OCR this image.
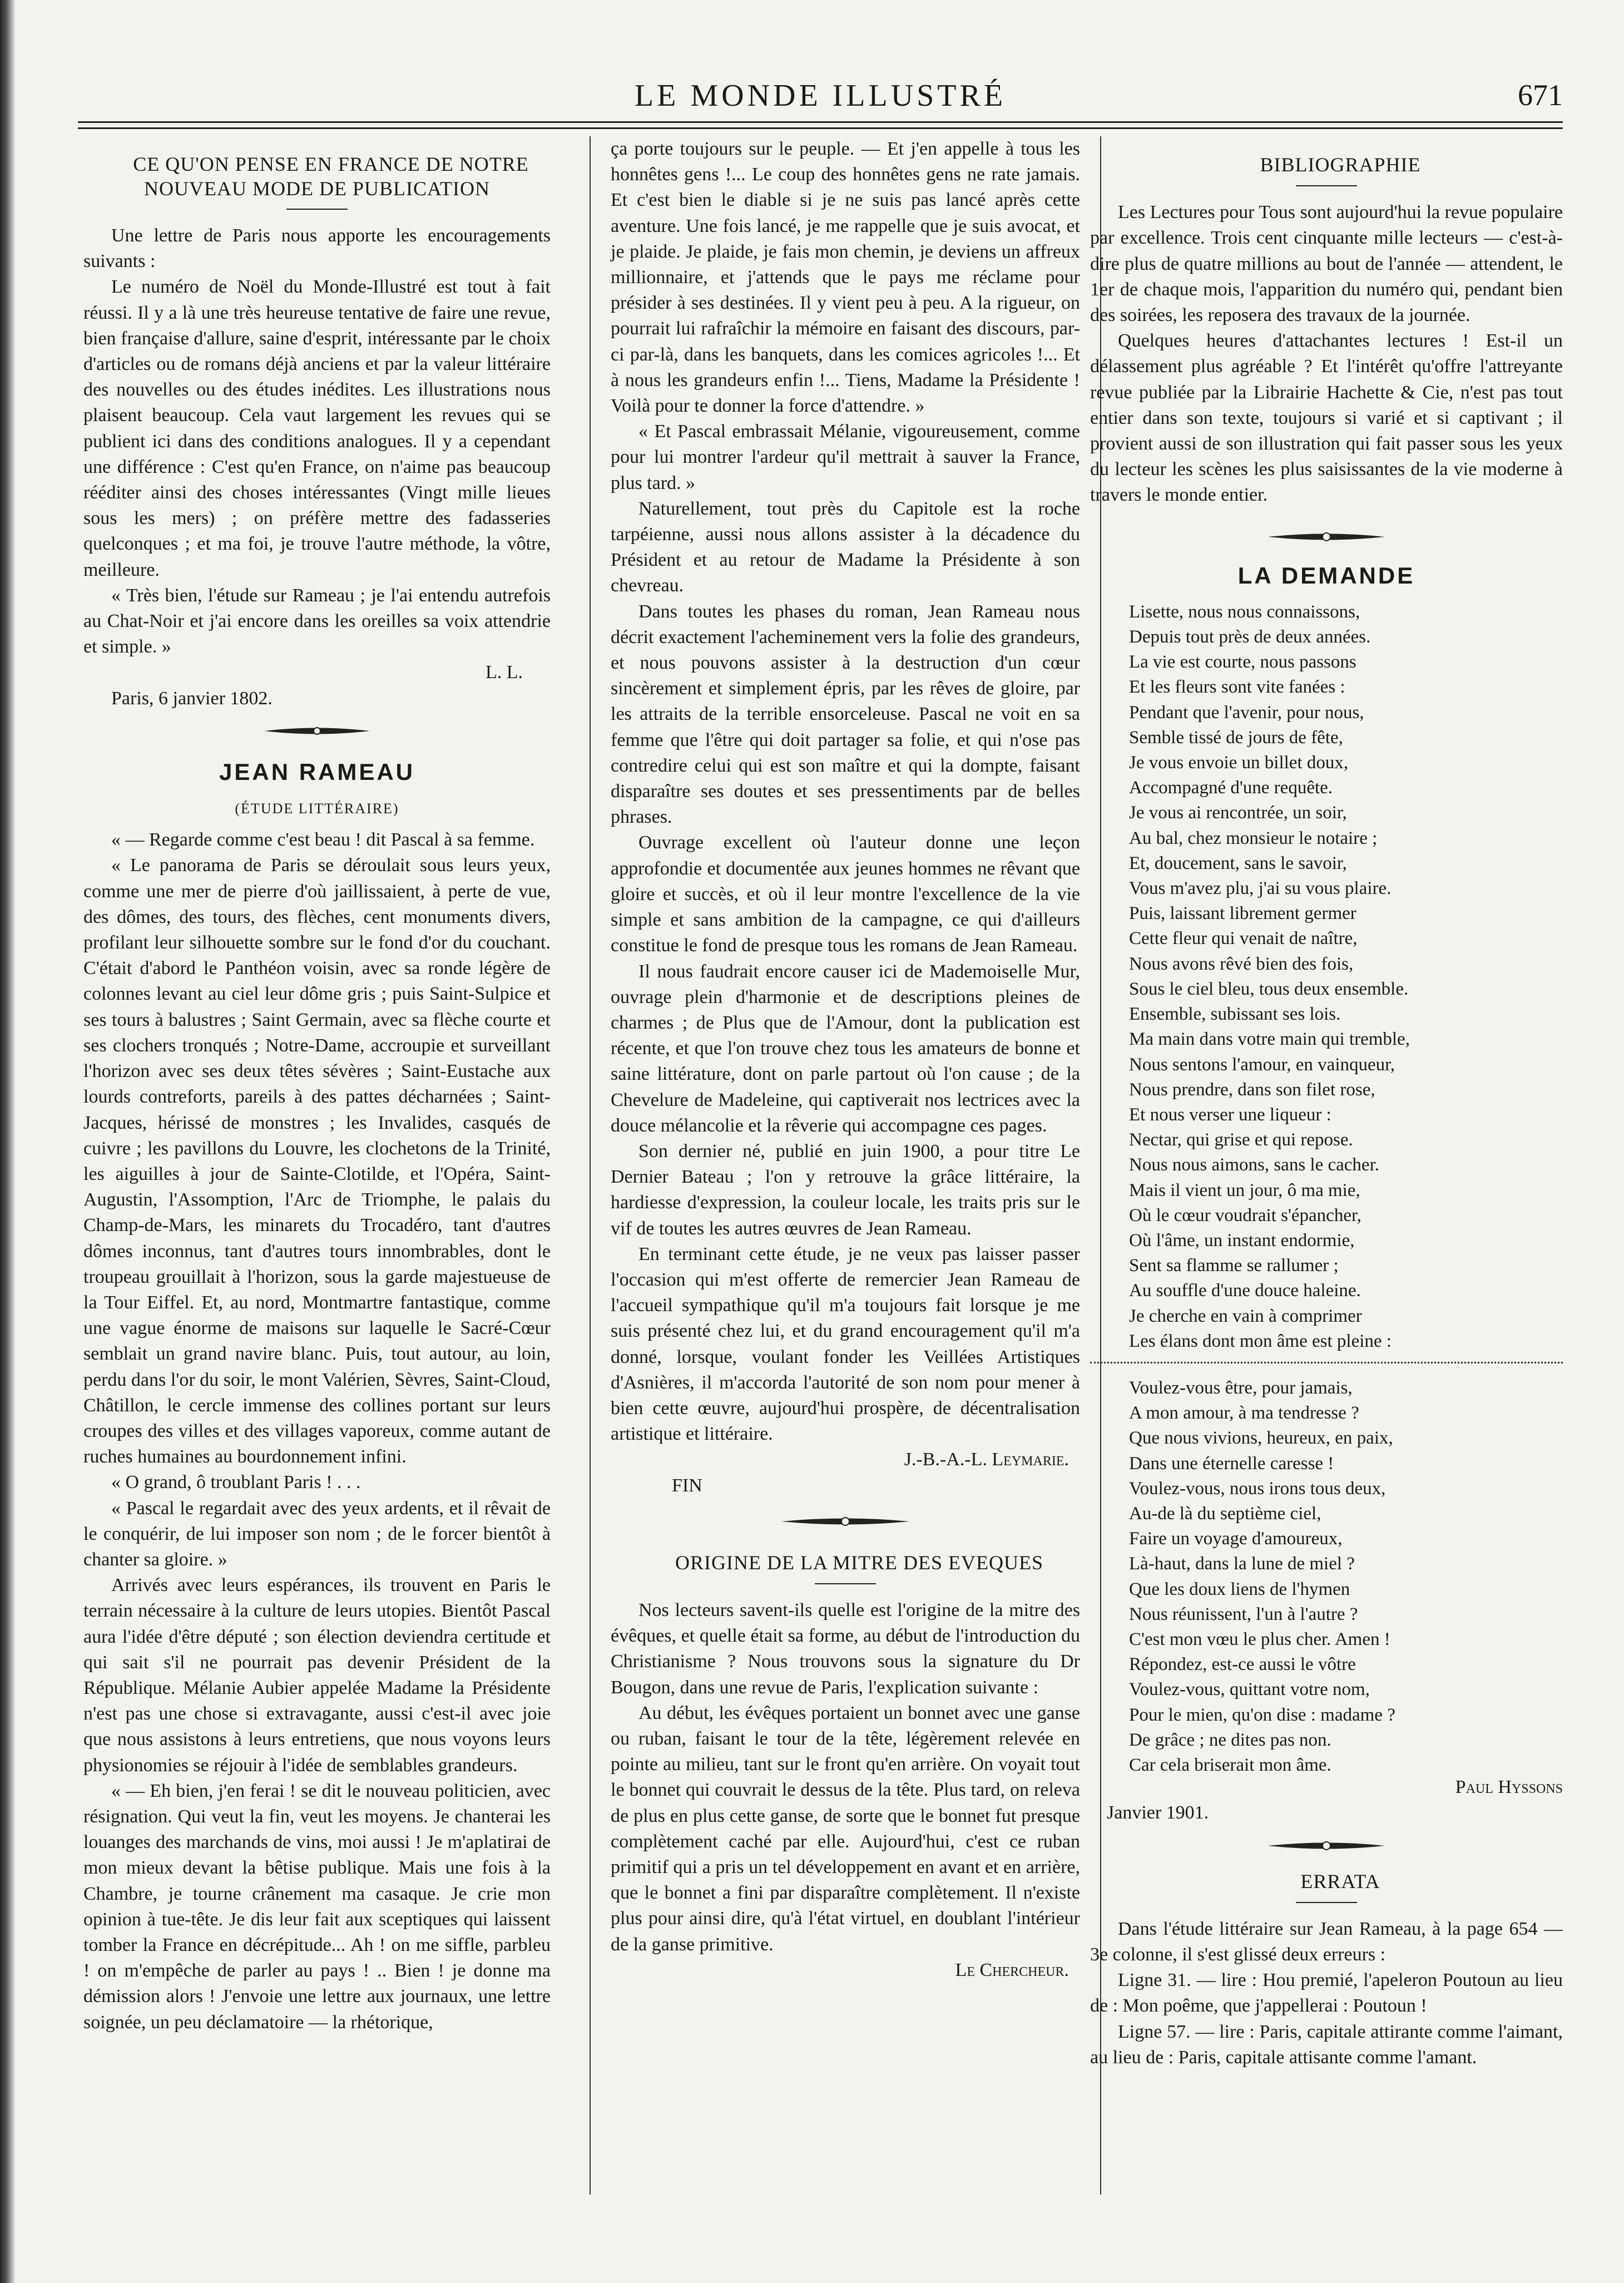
LE MONDE ILLUSTRÉ	671

CE QU'ON PENSE EN FRANCE DE NOTRE NOUVEAU MODE DE PUBLICATION

Une lettre de Paris nous apporte les encouragements suivants :

Le numéro de Noël du Monde-Illustré est tout à fait réussi. Il y a là une très heureuse tentative de faire une revue, bien française d'allure, saine d'esprit, intéressante par le choix d'articles ou de romans déjà anciens et par la valeur littéraire des nouvelles ou des études inédites. Les illustrations nous plaisent beaucoup. Cela vaut largement les revues qui se publient ici dans des conditions analogues. Il y a cependant une différence : C'est qu'en France, on n'aime pas beaucoup rééditer ainsi des choses intéressantes (Vingt mille lieues sous les mers) ; on préfère mettre des fadasseries quelconques ; et ma foi, je trouve l'autre méthode, la vôtre, meilleure.

« Très bien, l'étude sur Rameau ; je l'ai entendu autrefois au Chat-Noir et j'ai encore dans les oreilles sa voix attendrie et simple. »

L. L.

Paris, 6 janvier 1802.

JEAN RAMEAU
(ÉTUDE LITTÉRAIRE)

« — Regarde comme c'est beau ! dit Pascal à sa femme.

« Le panorama de Paris se déroulait sous leurs yeux, comme une mer de pierre d'où jaillissaient, à perte de vue, des dômes, des tours, des flèches, cent monuments divers, profilant leur silhouette sombre sur le fond d'or du couchant. C'était d'abord le Panthéon voisin, avec sa ronde légère de colonnes levant au ciel leur dôme gris ; puis Saint-Sulpice et ses tours à balustres ; Saint Germain, avec sa flèche courte et ses clochers tronqués ; Notre-Dame, accroupie et surveillant l'horizon avec ses deux têtes sévères ; Saint-Eustache aux lourds contreforts, pareils à des pattes décharnées ; Saint-Jacques, hérissé de monstres ; les Invalides, casqués de cuivre ; les pavillons du Louvre, les clochetons de la Trinité, les aiguilles à jour de Sainte-Clotilde, et l'Opéra, Saint-Augustin, l'Assomption, l'Arc de Triomphe, le palais du Champ-de-Mars, les minarets du Trocadéro, tant d'autres dômes inconnus, tant d'autres tours innombrables, dont le troupeau grouillait à l'horizon, sous la garde majestueuse de la Tour Eiffel. Et, au nord, Montmartre fantastique, comme une vague énorme de maisons sur laquelle le Sacré-Cœur semblait un grand navire blanc. Puis, tout autour, au loin, perdu dans l'or du soir, le mont Valérien, Sèvres, Saint-Cloud, Châtillon, le cercle immense des collines portant sur leurs croupes des villes et des villages vaporeux, comme autant de ruches humaines au bourdonnement infini.

« O grand, ô troublant Paris ! . . .

« Pascal le regardait avec des yeux ardents, et il rêvait de le conquérir, de lui imposer son nom ; de le forcer bientôt à chanter sa gloire. »

Arrivés avec leurs espérances, ils trouvent en Paris le terrain nécessaire à la culture de leurs utopies. Bientôt Pascal aura l'idée d'être député ; son élection deviendra certitude et qui sait s'il ne pourrait pas devenir Président de la République. Mélanie Aubier appelée Madame la Présidente n'est pas une chose si extravagante, aussi c'est-il avec joie que nous assistons à leurs entretiens, que nous voyons leurs physionomies se réjouir à l'idée de semblables grandeurs.

« — Eh bien, j'en ferai ! se dit le nouveau politicien, avec résignation. Qui veut la fin, veut les moyens. Je chanterai les louanges des marchands de vins, moi aussi ! Je m'aplatirai de mon mieux devant la bêtise publique. Mais une fois à la Chambre, je tourne crânement ma casaque. Je crie mon opinion à tue-tête. Je dis leur fait aux sceptiques qui laissent tomber la France en décrépitude... Ah ! on me siffle, parbleu ! on m'empêche de parler au pays ! .. Bien ! je donne ma démission alors ! J'envoie une lettre aux journaux, une lettre soignée, un peu déclamatoire — la rhétorique,

ça porte toujours sur le peuple. — Et j'en appelle à tous les honnêtes gens !... Le coup des honnêtes gens ne rate jamais. Et c'est bien le diable si je ne suis pas lancé après cette aventure. Une fois lancé, je me rappelle que je suis avocat, et je plaide. Je plaide, je fais mon chemin, je deviens un affreux millionnaire, et j'attends que le pays me réclame pour présider à ses destinées. Il y vient peu à peu. A la rigueur, on pourrait lui rafraîchir la mémoire en faisant des discours, par-ci par-là, dans les banquets, dans les comices agricoles !... Et à nous les grandeurs enfin !... Tiens, Madame la Présidente ! Voilà pour te donner la force d'attendre. »

« Et Pascal embrassait Mélanie, vigoureusement, comme pour lui montrer l'ardeur qu'il mettrait à sauver la France, plus tard. »

Naturellement, tout près du Capitole est la roche tarpéienne, aussi nous allons assister à la décadence du Président et au retour de Madame la Présidente à son chevreau.

Dans toutes les phases du roman, Jean Rameau nous décrit exactement l'acheminement vers la folie des grandeurs, et nous pouvons assister à la destruction d'un cœur sincèrement et simplement épris, par les rêves de gloire, par les attraits de la terrible ensorceleuse. Pascal ne voit en sa femme que l'être qui doit partager sa folie, et qui n'ose pas contredire celui qui est son maître et qui la dompte, faisant disparaître ses doutes et ses pressentiments par de belles phrases.

Ouvrage excellent où l'auteur donne une leçon approfondie et documentée aux jeunes hommes ne rêvant que gloire et succès, et où il leur montre l'excellence de la vie simple et sans ambition de la campagne, ce qui d'ailleurs constitue le fond de presque tous les romans de Jean Rameau.

Il nous faudrait encore causer ici de Mademoiselle Mur, ouvrage plein d'harmonie et de descriptions pleines de charmes ; de Plus que de l'Amour, dont la publication est récente, et que l'on trouve chez tous les amateurs de bonne et saine littérature, dont on parle partout où l'on cause ; de la Chevelure de Madeleine, qui captiverait nos lectrices avec la douce mélancolie et la rêverie qui accompagne ces pages.

Son dernier né, publié en juin 1900, a pour titre Le Dernier Bateau ; l'on y retrouve la grâce littéraire, la hardiesse d'expression, la couleur locale, les traits pris sur le vif de toutes les autres œuvres de Jean Rameau.

En terminant cette étude, je ne veux pas laisser passer l'occasion qui m'est offerte de remercier Jean Rameau de l'accueil sympathique qu'il m'a toujours fait lorsque je me suis présenté chez lui, et du grand encouragement qu'il m'a donné, lorsque, voulant fonder les Veillées Artistiques d'Asnières, il m'accorda l'autorité de son nom pour mener à bien cette œuvre, aujourd'hui prospère, de décentralisation artistique et littéraire.

J.-B.-A.-L. Leymarie.

FIN

ORIGINE DE LA MITRE DES EVEQUES

Nos lecteurs savent-ils quelle est l'origine de la mitre des évêques, et quelle était sa forme, au début de l'introduction du Christianisme ? Nous trouvons sous la signature du Dr Bougon, dans une revue de Paris, l'explication suivante :

Au début, les évêques portaient un bonnet avec une ganse ou ruban, faisant le tour de la tête, légèrement relevée en pointe au milieu, tant sur le front qu'en arrière. On voyait tout le bonnet qui couvrait le dessus de la tête. Plus tard, on releva de plus en plus cette ganse, de sorte que le bonnet fut presque complètement caché par elle. Aujourd'hui, c'est ce ruban primitif qui a pris un tel développement en avant et en arrière, que le bonnet a fini par disparaître complètement. Il n'existe plus pour ainsi dire, qu'à l'état virtuel, en doublant l'intérieur de la ganse primitive.

Le Chercheur.

BIBLIOGRAPHIE

Les Lectures pour Tous sont aujourd'hui la revue populaire par excellence. Trois cent cinquante mille lecteurs — c'est-à-dire plus de quatre millions au bout de l'année — attendent, le 1er de chaque mois, l'apparition du numéro qui, pendant bien des soirées, les reposera des travaux de la journée.

Quelques heures d'attachantes lectures ! Est-il un délassement plus agréable ? Et l'intérêt qu'offre l'attreyante revue publiée par la Librairie Hachette & Cie, n'est pas tout entier dans son texte, toujours si varié et si captivant ; il provient aussi de son illustration qui fait passer sous les yeux du lecteur les scènes les plus saisissantes de la vie moderne à travers le monde entier.

LA DEMANDE
Lisette, nous nous connaissons,
Depuis tout près de deux années.
La vie est courte, nous passons
Et les fleurs sont vite fanées :
Pendant que l'avenir, pour nous,
Semble tissé de jours de fête,
Je vous envoie un billet doux,
Accompagné d'une requête.
Je vous ai rencontrée, un soir,
Au bal, chez monsieur le notaire ;
Et, doucement, sans le savoir,
Vous m'avez plu, j'ai su vous plaire.
Puis, laissant librement germer
Cette fleur qui venait de naître,
Nous avons rêvé bien des fois,
Sous le ciel bleu, tous deux ensemble.
Ensemble, subissant ses lois.
Ma main dans votre main qui tremble,
Nous sentons l'amour, en vainqueur,
Nous prendre, dans son filet rose,
Et nous verser une liqueur :
Nectar, qui grise et qui repose.
Nous nous aimons, sans le cacher.
Mais il vient un jour, ô ma mie,
Où le cœur voudrait s'épancher,
Où l'âme, un instant endormie,
Sent sa flamme se rallumer ;
Au souffle d'une douce haleine.
Je cherche en vain à comprimer
Les élans dont mon âme est pleine :
Voulez-vous être, pour jamais,
A mon amour, à ma tendresse ?
Que nous vivions, heureux, en paix,
Dans une éternelle caresse !
Voulez-vous, nous irons tous deux,
Au-de là du septième ciel,
Faire un voyage d'amoureux,
Là-haut, dans la lune de miel ?
Que les doux liens de l'hymen
Nous réunissent, l'un à l'autre ?
C'est mon vœu le plus cher. Amen !
Répondez, est-ce aussi le vôtre
Voulez-vous, quittant votre nom,
Pour le mien, qu'on dise : madame ?
De grâce ; ne dites pas non.
Car cela briserait mon âme.

Paul Hyssons

Janvier 1901.

ERRATA

Dans l'étude littéraire sur Jean Rameau, à la page 654 — 3e colonne, il s'est glissé deux erreurs :

Ligne 31. — lire : Hou premié, l'apeleron Poutoun au lieu de : Mon poême, que j'appellerai : Poutoun !

Ligne 57. — lire : Paris, capitale attirante comme l'aimant, au lieu de : Paris, capitale attisante comme l'amant.
